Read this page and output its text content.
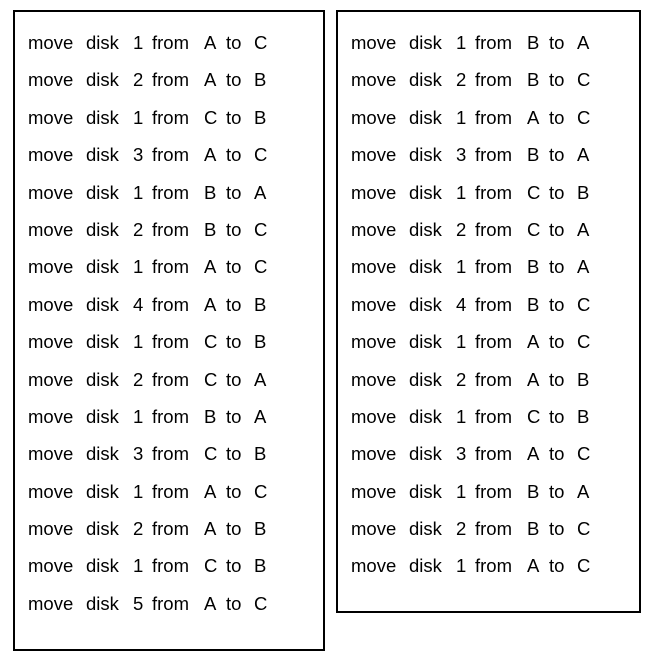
move disk 1 from A to C
move disk 2 from A to B
move disk 1 from C to B
move disk 3 from A to C
move disk 1 from B to A
move disk 2 from B to C
move disk 1 from A to C
move disk 4 from A to B
move disk 1 from C to B
move disk 2 from C to A
move disk 1 from B to A
move disk 3 from C to B
move disk 1 from A to C
move disk 2 from A to B
move disk 1 from C to B
move disk 5 from A to C
move disk 1 from B to A
move disk 2 from B to C
move disk 1 from A to C
move disk 3 from B to A
move disk 1 from C to B
move disk 2 from C to A
move disk 1 from B to A
move disk 4 from B to C
move disk 1 from A to C
move disk 2 from A to B
move disk 1 from C to B
move disk 3 from A to C
move disk 1 from B to A
move disk 2 from B to C
move disk 1 from A to C
